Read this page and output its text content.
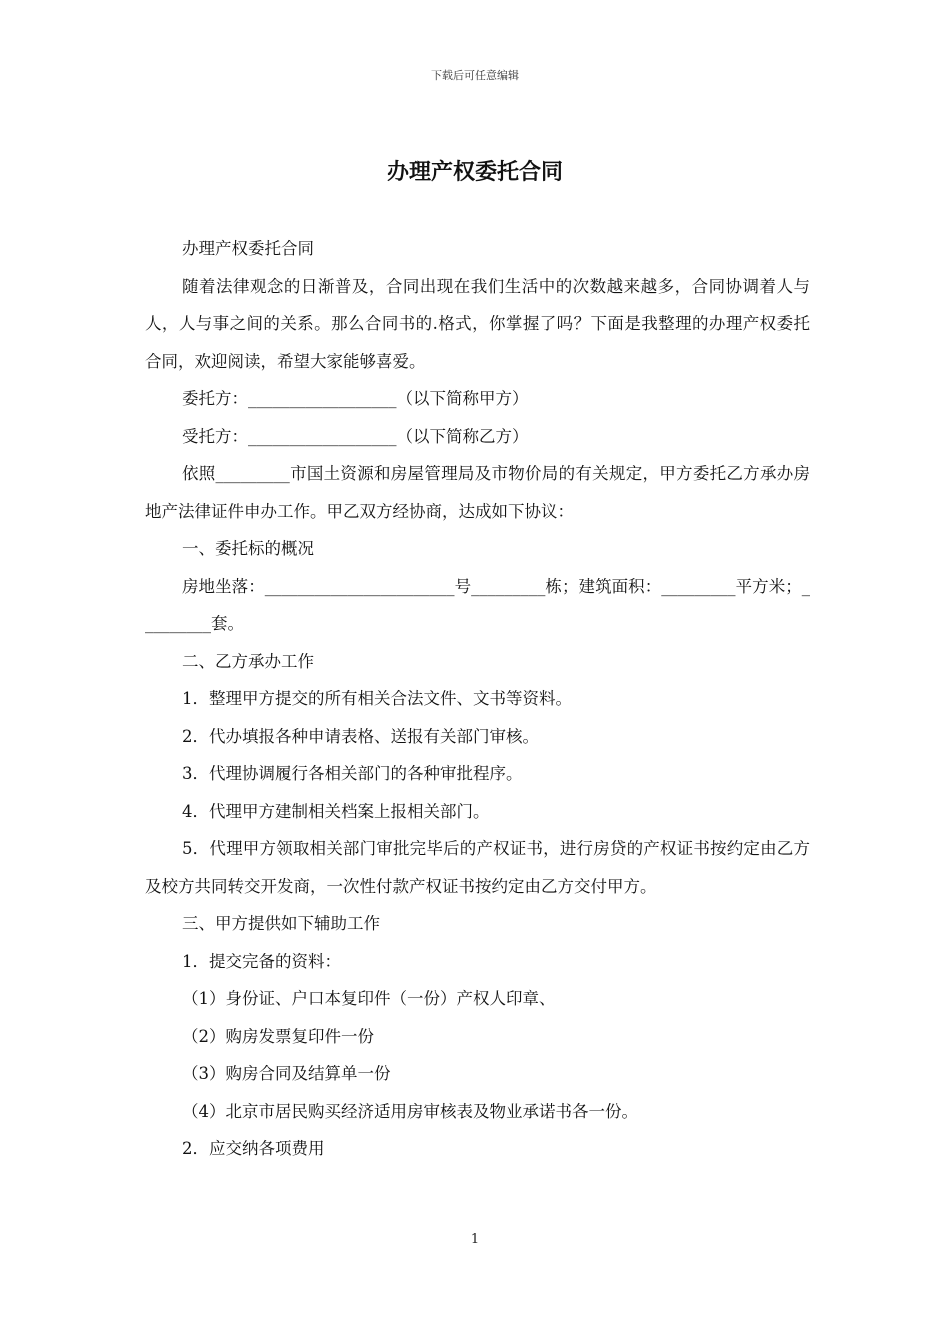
下载后可任意编辑
办理产权委托合同

办理产权委托合同

随着法律观念的日渐普及，合同出现在我们生活中的次数越来越多，合同协调着人与人，人与事之间的关系。那么合同书的.格式，你掌握了吗？下面是我整理的办理产权委托合同，欢迎阅读，希望大家能够喜爱。

委托方：__________________（以下简称甲方）

受托方：__________________（以下简称乙方）

依照_________市国土资源和房屋管理局及市物价局的有关规定，甲方委托乙方承办房地产法律证件申办工作。甲乙双方经协商，达成如下协议：

一、委托标的概况

房地坐落：_______________________号_________栋；建筑面积：_________平方米；_________套。

二、乙方承办工作

1．整理甲方提交的所有相关合法文件、文书等资料。

2．代办填报各种申请表格、送报有关部门审核。

3．代理协调履行各相关部门的各种审批程序。

4．代理甲方建制相关档案上报相关部门。

5．代理甲方领取相关部门审批完毕后的产权证书，进行房贷的产权证书按约定由乙方及校方共同转交开发商，一次性付款产权证书按约定由乙方交付甲方。

三、甲方提供如下辅助工作

1．提交完备的资料：

（1）身份证、户口本复印件（一份）产权人印章、

（2）购房发票复印件一份

（3）购房合同及结算单一份

（4）北京市居民购买经济适用房审核表及物业承诺书各一份。

2．应交纳各项费用

1
